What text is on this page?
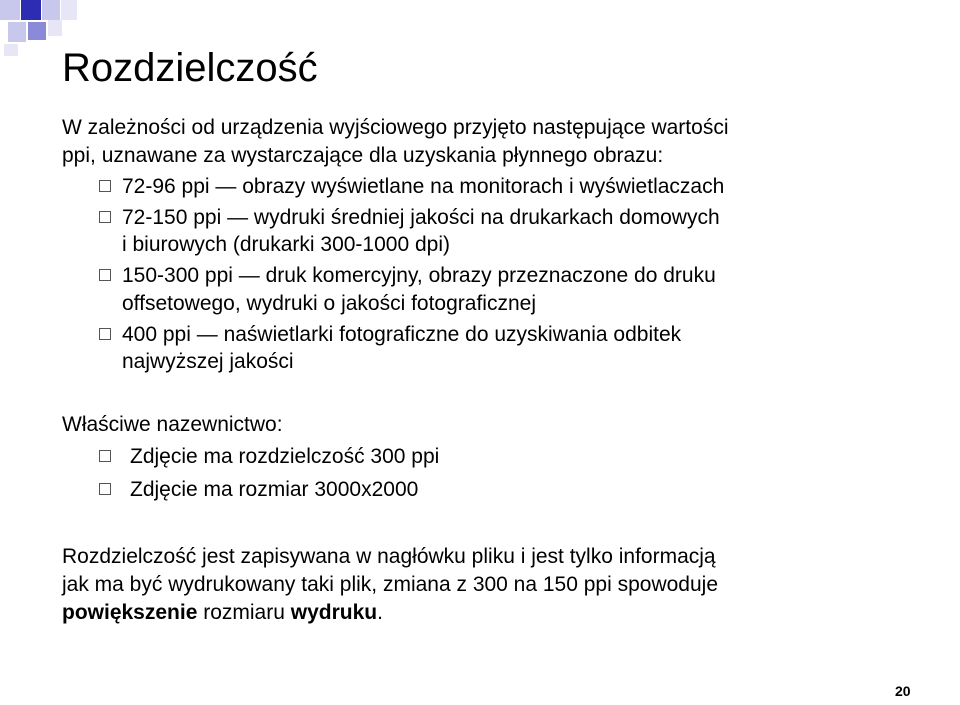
Rozdzielczość

W zależności od urządzenia wyjściowego przyjęto następujące wartości
ppi, uznawane za wystarczające dla uzyskania płynnego obrazu:

72-96 ppi — obrazy wyświetlane na monitorach i wyświetlaczach
72-150 ppi — wydruki średniej jakości na drukarkach domowych
i biurowych (drukarki 300-1000 dpi)
150-300 ppi — druk komercyjny, obrazy przeznaczone do druku
offsetowego, wydruki o jakości fotograficznej
400 ppi — naświetlarki fotograficzne do uzyskiwania odbitek
najwyższej jakości

Właściwe nazewnictwo:

Zdjęcie ma rozdzielczość 300 ppi
Zdjęcie ma rozmiar 3000x2000

Rozdzielczość jest zapisywana w nagłówku pliku i jest tylko informacją
jak ma być wydrukowany taki plik, zmiana z 300 na 150 ppi spowoduje
powiększenie rozmiaru wydruku.

20
